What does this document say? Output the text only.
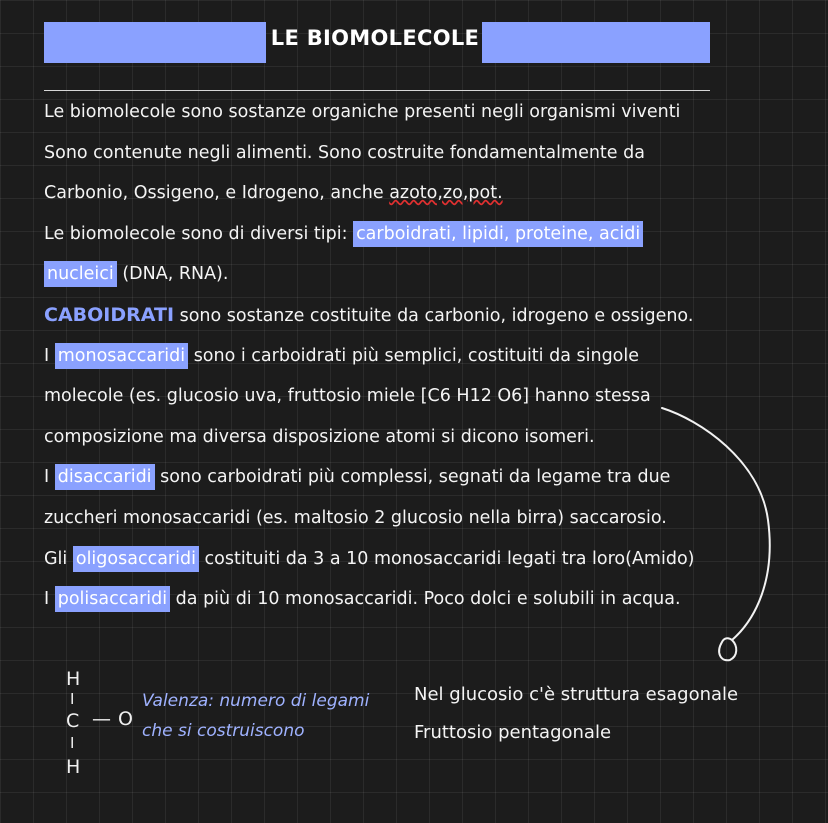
LE BIOMOLECOLE
Le biomolecole sono sostanze organiche presenti negli organismi viventi
Sono contenute negli alimenti. Sono costruite fondamentalmente da
Carbonio, Ossigeno, e Idrogeno, anche azoto,zo,pot.
Le biomolecole sono di diversi tipi: carboidrati, lipidi, proteine, acidi
nucleici (DNA, RNA).
CABOIDRATI sono sostanze costituite da carbonio, idrogeno e ossigeno.
I monosaccaridi sono i carboidrati più semplici, costituiti da singole
molecole (es. glucosio uva, fruttosio miele [C6 H12 O6] hanno stessa
composizione ma diversa disposizione atomi si dicono isomeri.
I disaccaridi sono carboidrati più complessi, segnati da legame tra due
zuccheri monosaccaridi (es. maltosio 2 glucosio nella birra) saccarosio.
Gli oligosaccaridi costituiti da 3 a 10 monosaccaridi legati tra loro(Amido)
I polisaccaridi da più di 10 monosaccaridi. Poco dolci e solubili in acqua.
H
I
C — O
I
H
Valenza: numero di legami
che si costruiscono
Nel glucosio c'è struttura esagonale
Fruttosio pentagonale
